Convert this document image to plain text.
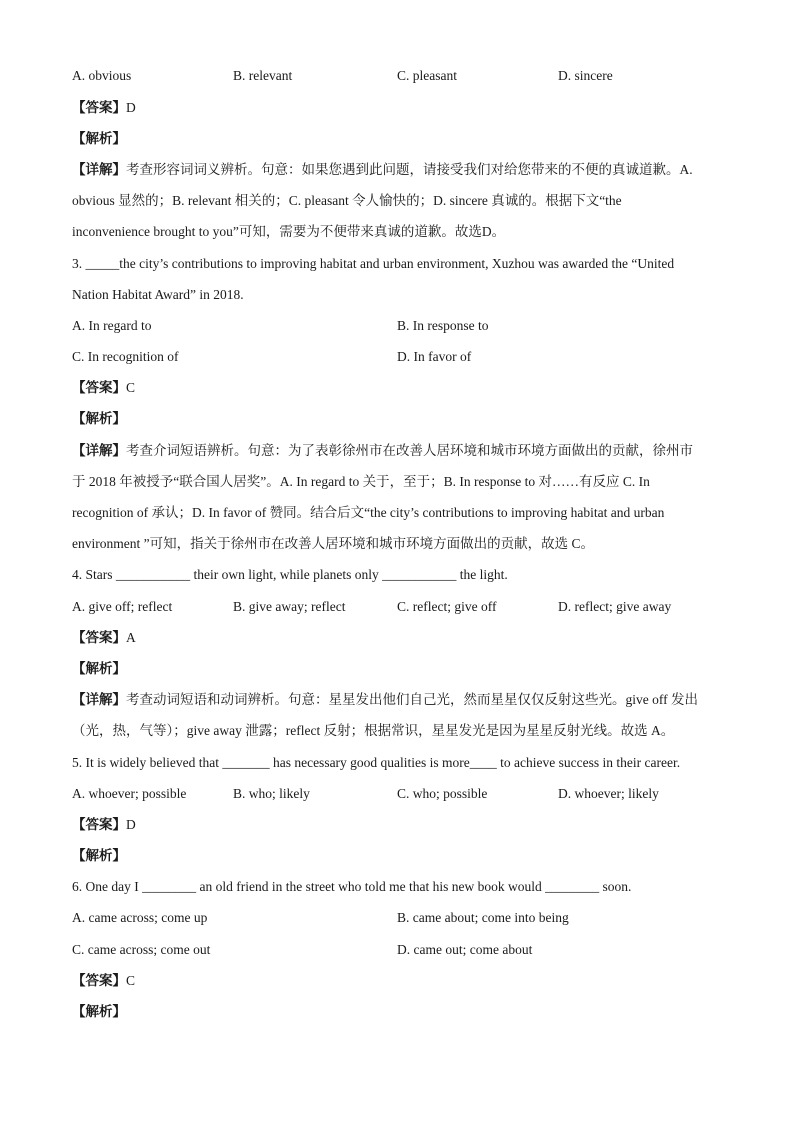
A. obvious	B. relevant	C. pleasant	D. sincere
【答案】D
【解析】
【详解】考查形容词词义辨析。句意：如果您遇到此问题，请接受我们对给您带来的不便的真诚道歉。A.
obvious 显然的；B. relevant 相关的；C. pleasant 令人愉快的；D. sincere 真诚的。根据下文“the
inconvenience brought to you”可知，需要为不便带来真诚的道歉。故选D。
3. _____the city’s contributions to improving habitat and urban environment, Xuzhou was awarded the “United
Nation Habitat Award” in 2018.
A. In regard to	B. In response to
C. In recognition of	D. In favor of
【答案】C
【解析】
【详解】考查介词短语辨析。句意：为了表彰徐州市在改善人居环境和城市环境方面做出的贡献，徐州市
于 2018 年被授予“联合国人居奖”。A. In regard to 关于，至于；B. In response to 对……有反应 C. In
recognition of 承认；D. In favor of 赞同。结合后文“the city’s contributions to improving habitat and urban
environment ”可知，指关于徐州市在改善人居环境和城市环境方面做出的贡献，故选 C。
4. Stars ___________ their own light, while planets only ___________ the light.
A. give off; reflect	B. give away; reflect	C. reflect; give off	D. reflect; give away
【答案】A
【解析】
【详解】考查动词短语和动词辨析。句意：星星发出他们自己光，然而星星仅仅反射这些光。give off 发出
（光，热，气等）；give away 泄露；reflect 反射；根据常识，星星发光是因为星星反射光线。故选 A。
5. It is widely believed that _______ has necessary good qualities is more____ to achieve success in their career.
A. whoever; possible	B. who; likely	C. who; possible	D. whoever; likely
【答案】D
【解析】
6. One day I ________ an old friend in the street who told me that his new book would ________ soon.
A. came across; come up	B. came about; come into being
C. came across; come out	D. came out; come about
【答案】C
【解析】
